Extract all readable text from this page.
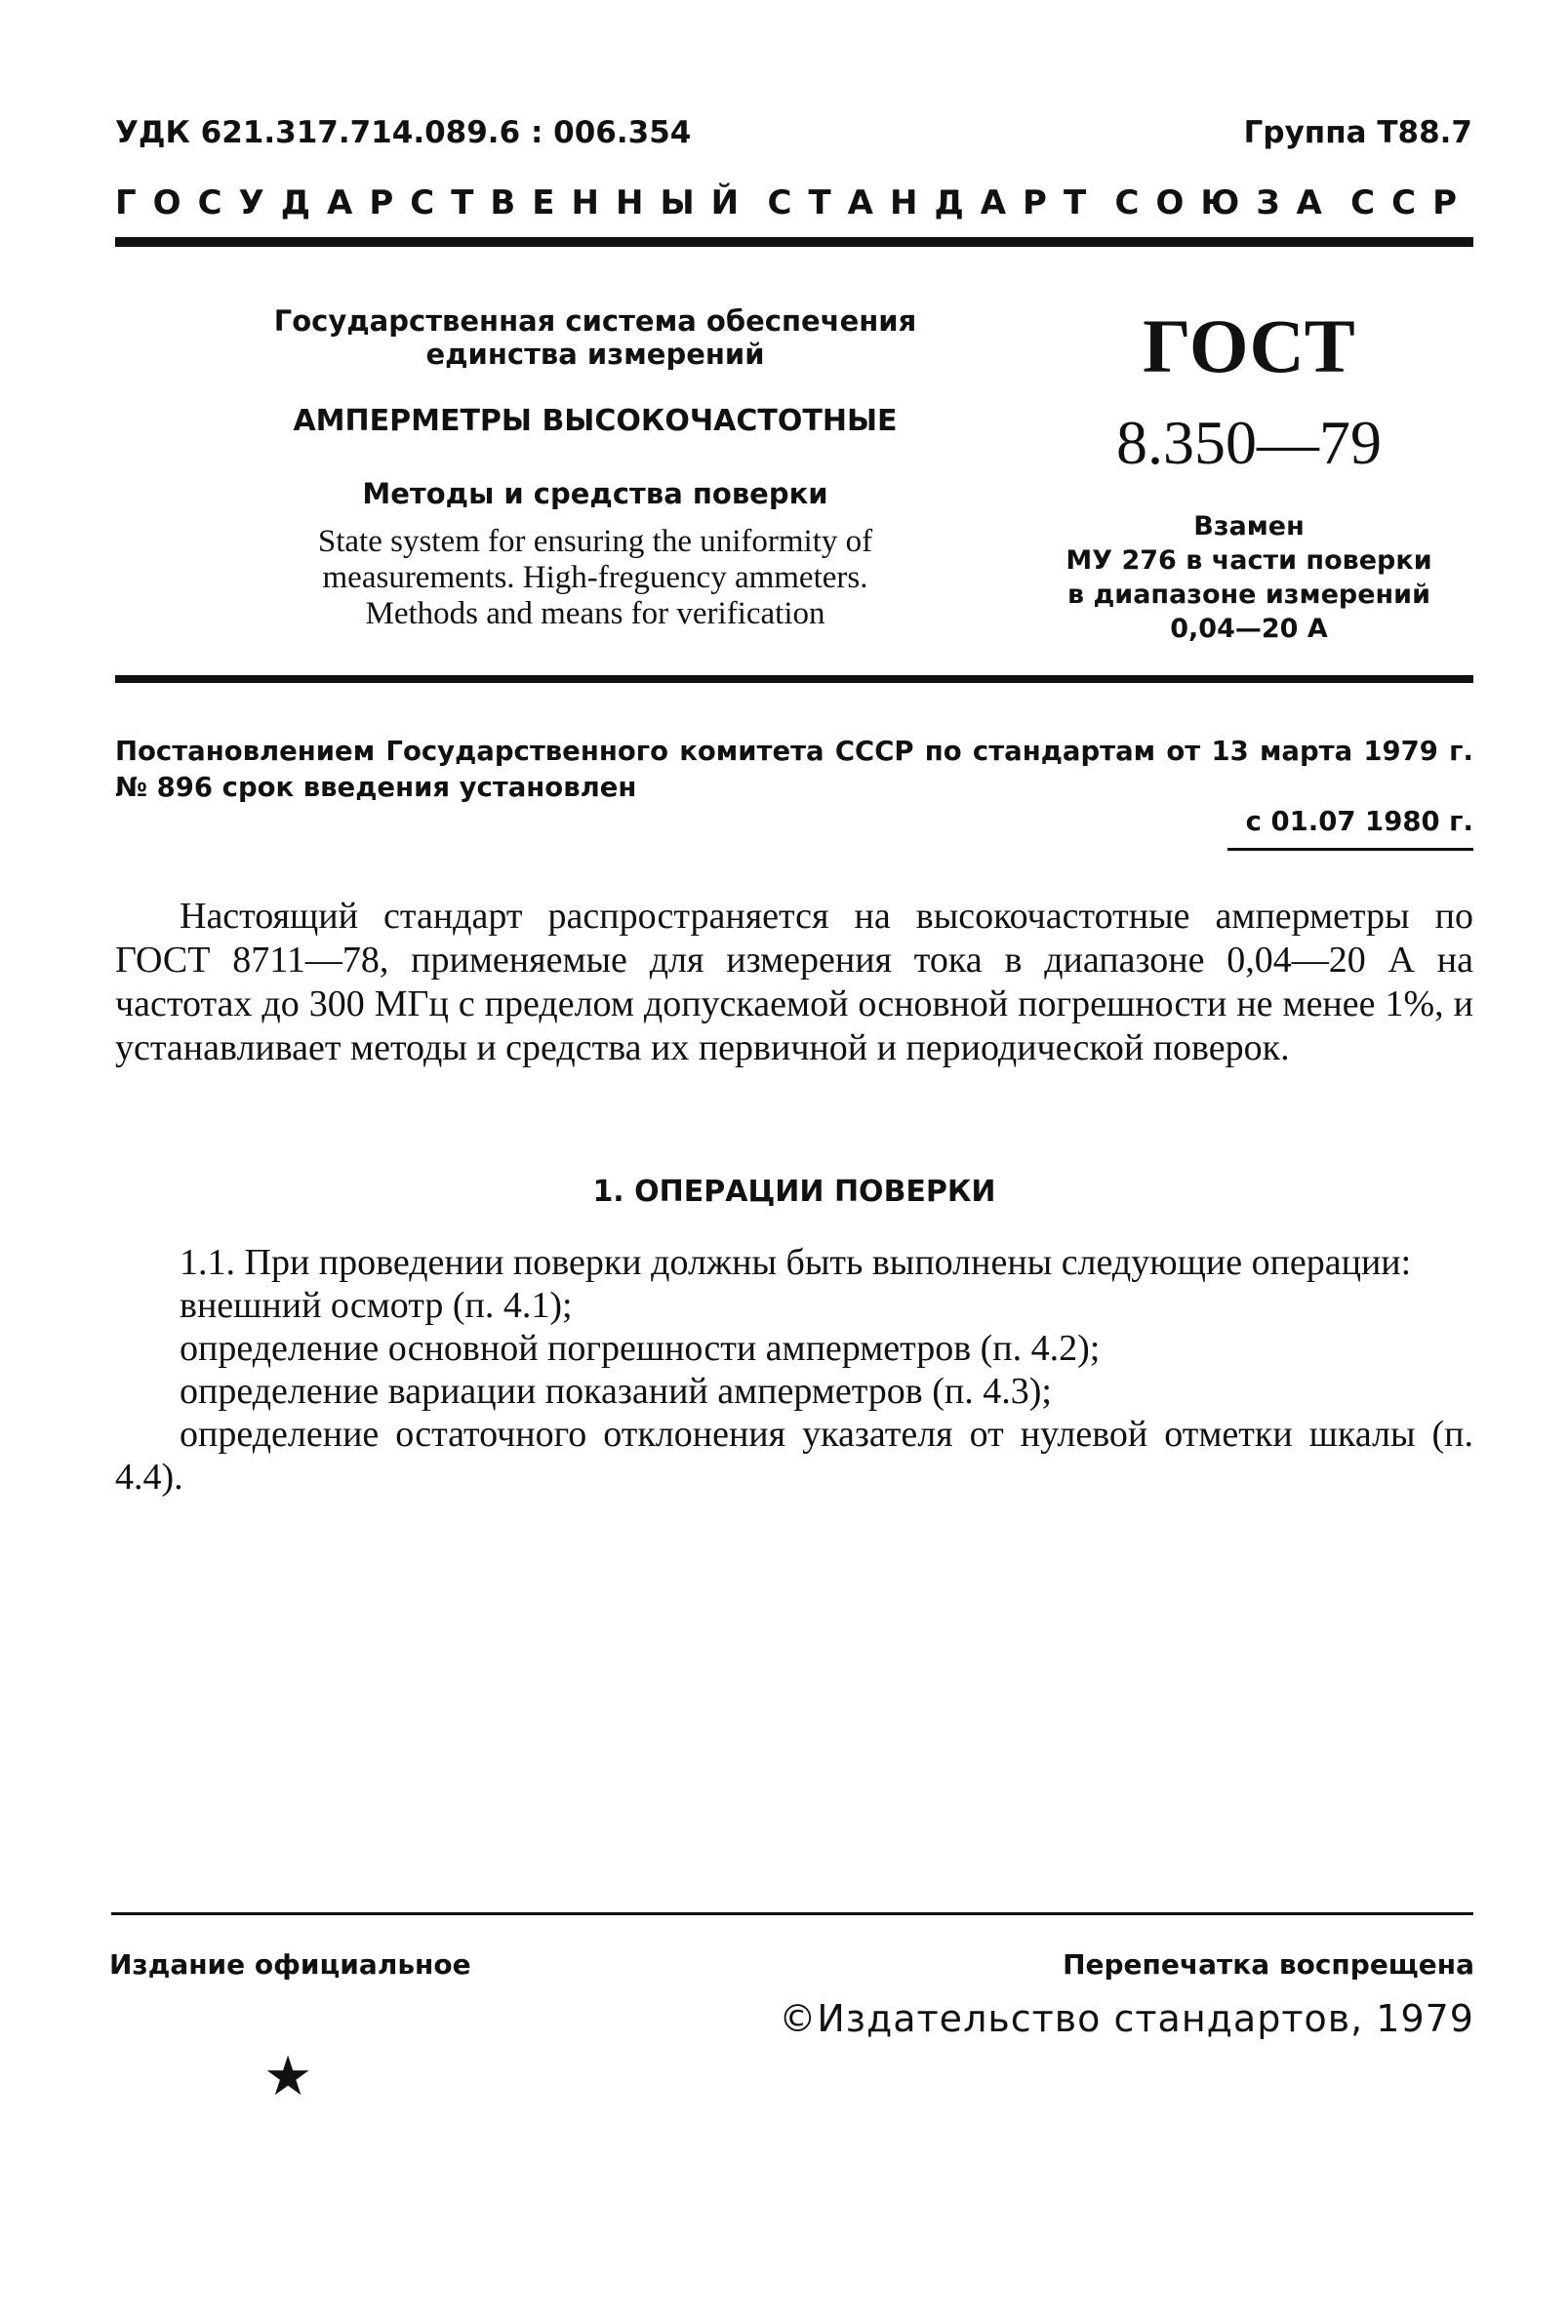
УДК 621.317.714.089.6 : 006.354	Группа Т88.7
ГОСУДАРСТВЕННЫЙ СТАНДАРТ СОЮЗА ССР
Государственная система обеспечения
единства измерений
АМПЕРМЕТРЫ ВЫСОКОЧАСТОТНЫЕ
Методы и средства поверки
State system for ensuring the uniformity of
measurements. High-freguency ammeters.
Methods and means for verification
ГОСТ
8.350—79
Взамен
МУ 276 в части поверки
в диапазоне измерений
0,04—20 А
Постановлением Государственного комитета СССР по стандартам от 13 марта 1979 г. № 896 срок введения установлен
с 01.07 1980 г.
Настоящий стандарт распространяется на высокочастотные амперметры по ГОСТ 8711—78, применяемые для измерения тока в диапазоне 0,04—20 А на частотах до 300 МГц с пределом допускаемой основной погрешности не менее 1%, и устанавливает методы и средства их первичной и периодической поверок.
1. ОПЕРАЦИИ ПОВЕРКИ
1.1. При проведении поверки должны быть выполнены следующие операции:
внешний осмотр (п. 4.1);
определение основной погрешности амперметров (п. 4.2);
определение вариации показаний амперметров (п. 4.3);
определение остаточного отклонения указателя от нулевой отметки шкалы (п. 4.4).
Издание официальное	Перепечатка воспрещена
©Издательство стандартов, 1979
★
